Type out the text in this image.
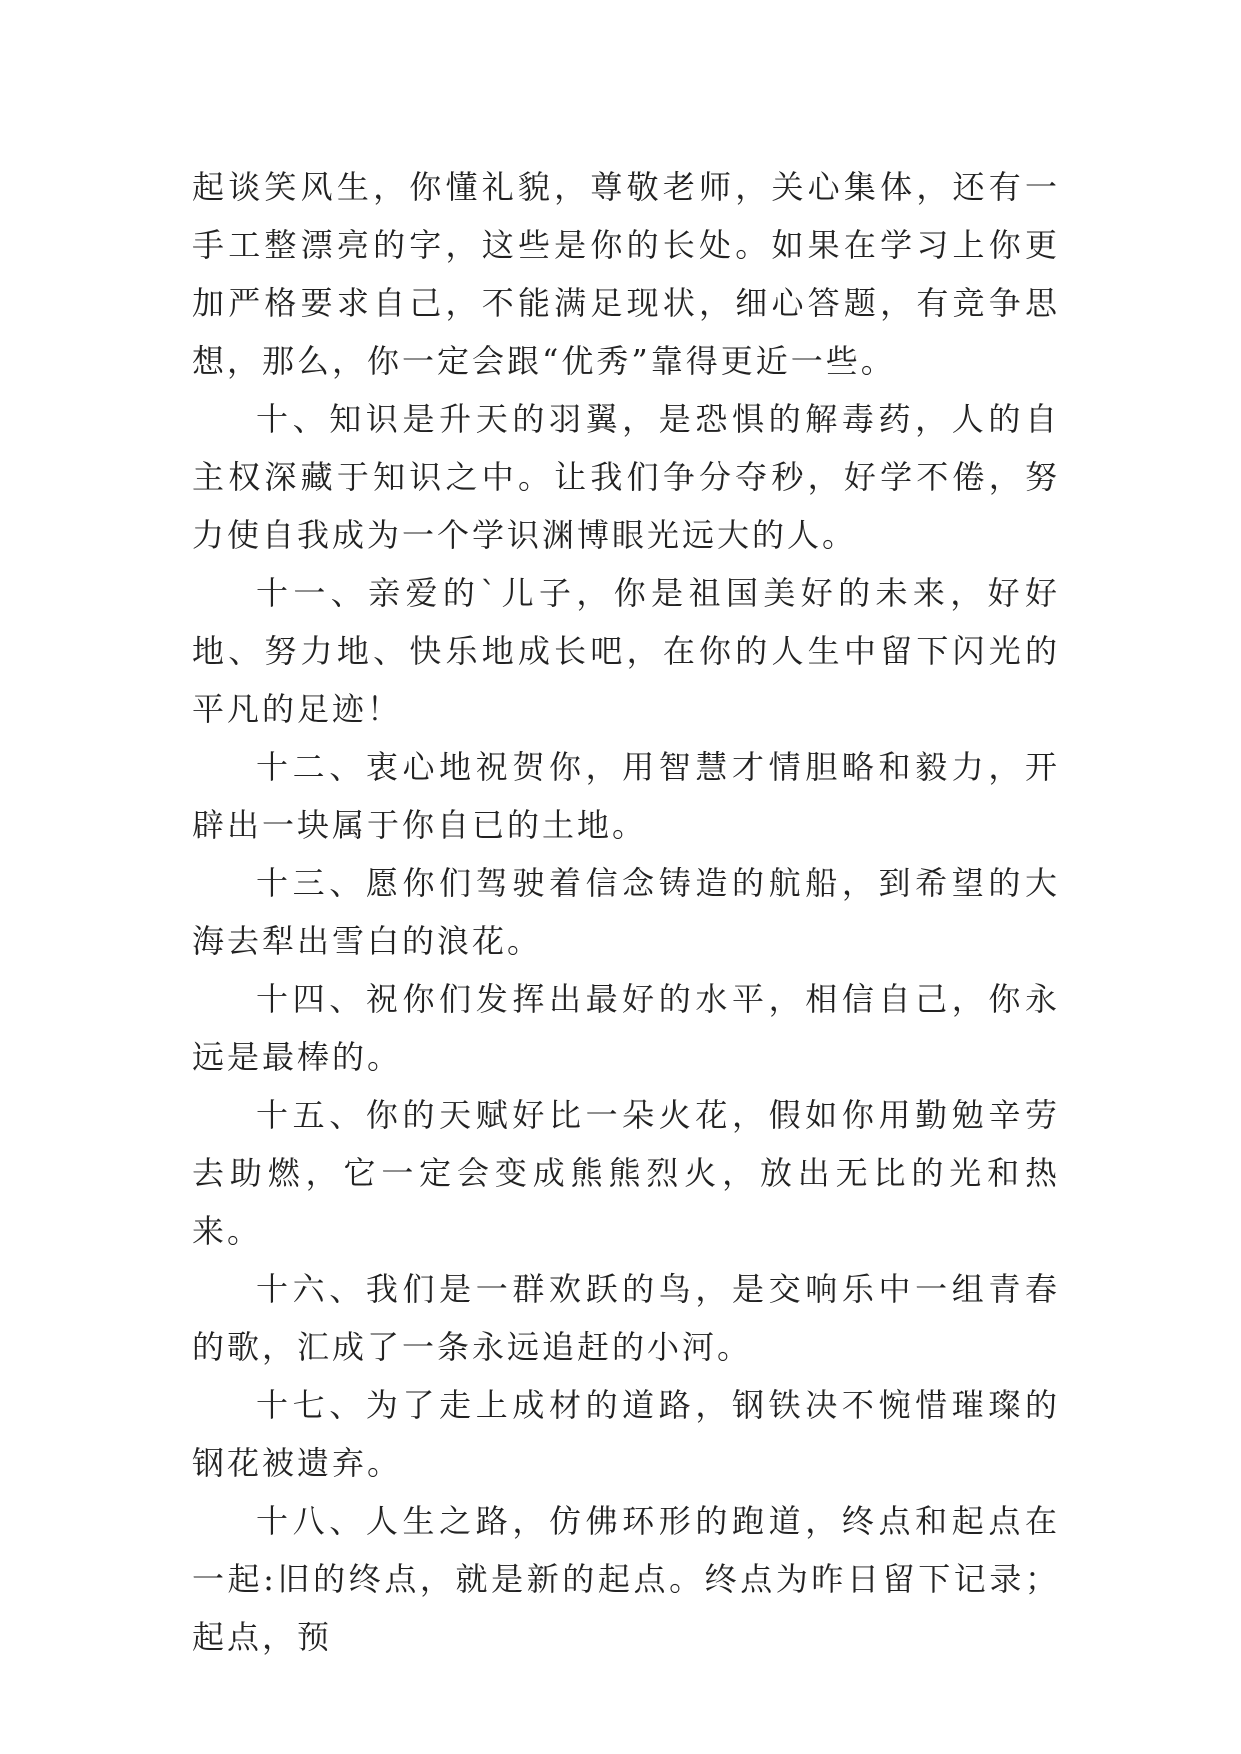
起谈笑风生，你懂礼貌，尊敬老师，关心集体，还有一手工整漂亮的字，这些是你的长处。如果在学习上你更加严格要求自己，不能满足现状，细心答题，有竞争思想，那么，你一定会跟“优秀”靠得更近一些。

十、知识是升天的羽翼，是恐惧的解毒药，人的自主权深藏于知识之中。让我们争分夺秒，好学不倦，努力使自我成为一个学识渊博眼光远大的人。

十一、亲爱的`儿子，你是祖国美好的未来，好好地、努力地、快乐地成长吧，在你的人生中留下闪光的平凡的足迹！

十二、衷心地祝贺你，用智慧才情胆略和毅力，开辟出一块属于你自已的土地。

十三、愿你们驾驶着信念铸造的航船，到希望的大海去犁出雪白的浪花。

十四、祝你们发挥出最好的水平，相信自己，你永远是最棒的。

十五、你的天赋好比一朵火花，假如你用勤勉辛劳去助燃，它一定会变成熊熊烈火，放出无比的光和热来。

十六、我们是一群欢跃的鸟，是交响乐中一组青春的歌，汇成了一条永远追赶的小河。

十七、为了走上成材的道路，钢铁决不惋惜璀璨的钢花被遗弃。

十八、人生之路，仿佛环形的跑道，终点和起点在一起:旧的终点，就是新的起点。终点为昨日留下记录；起点，预
